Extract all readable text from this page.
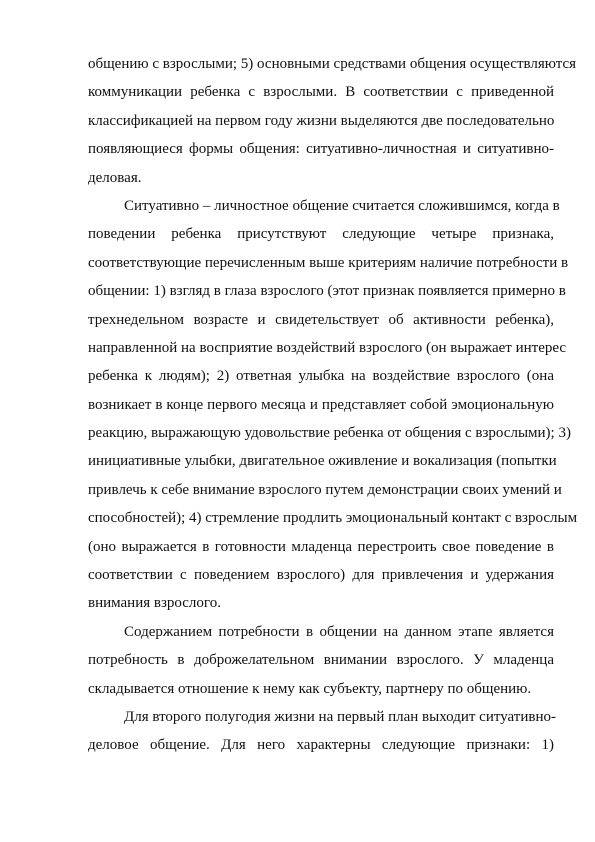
общению с взрослыми; 5) основными средствами общения осуществляются
коммуникации ребенка с взрослыми. В соответствии с приведенной
классификацией на первом году жизни выделяются две последовательно
появляющиеся формы общения: ситуативно-личностная и ситуативно-
деловая.
Ситуативно – личностное общение считается сложившимся, когда в
поведении ребенка присутствуют следующие четыре признака,
соответствующие перечисленным выше критериям наличие потребности в
общении: 1) взгляд в глаза взрослого (этот признак появляется примерно в
трехнедельном возрасте и свидетельствует об активности ребенка),
направленной на восприятие воздействий взрослого (он выражает интерес
ребенка к людям); 2) ответная улыбка на воздействие взрослого (она
возникает в конце первого месяца и представляет собой эмоциональную
реакцию, выражающую удовольствие ребенка от общения с взрослыми); 3)
инициативные улыбки, двигательное оживление и вокализация (попытки
привлечь к себе внимание взрослого путем демонстрации своих умений и
способностей); 4) стремление продлить эмоциональный контакт с взрослым
(оно выражается в готовности младенца перестроить свое поведение в
соответствии с поведением взрослого) для привлечения и удержания
внимания взрослого.
Содержанием потребности в общении на данном этапе является
потребность в доброжелательном внимании взрослого. У младенца
складывается отношение к нему как субъекту, партнеру по общению.
Для второго полугодия жизни на первый план выходит ситуативно-
деловое общение. Для него характерны следующие признаки: 1)
